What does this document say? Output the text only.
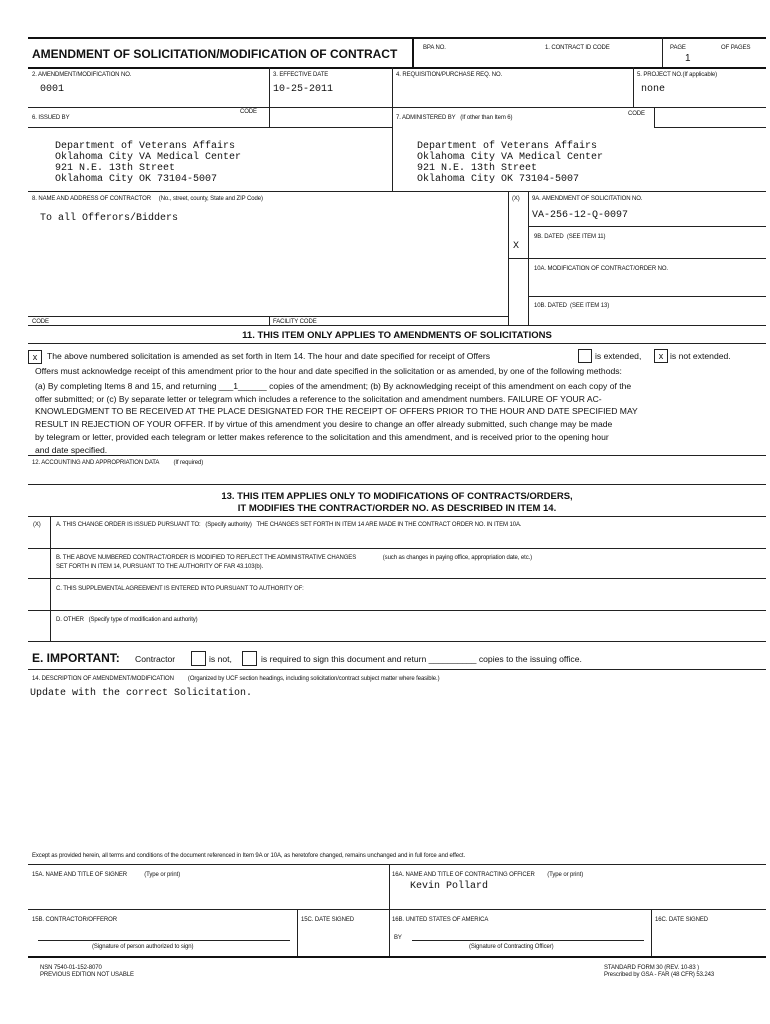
AMENDMENT OF SOLICITATION/MODIFICATION OF CONTRACT	BPA NO.	1. CONTRACT ID CODE	PAGE	OF PAGES
1
2. AMENDMENT/MODIFICATION NO.
0001
3. EFFECTIVE DATE
10-25-2011
4. REQUISITION/PURCHASE REQ. NO.	5. PROJECT NO.(If applicable)
none
6. ISSUED BY
CODE
7. ADMINISTERED BY (If other than Item 6)
CODE
Department of Veterans Affairs
Oklahoma City VA Medical Center
921 N.E. 13th Street
Oklahoma City OK 73104-5007
Department of Veterans Affairs
Oklahoma City VA Medical Center
921 N.E. 13th Street
Oklahoma City OK 73104-5007
8. NAME AND ADDRESS OF CONTRACTOR (No., street, county, State and ZIP Code)
To all Offerors/Bidders
(X) 9A. AMENDMENT OF SOLICITATION NO.
VA-256-12-Q-0097
X
9B. DATED (SEE ITEM 11)
10A. MODIFICATION OF CONTRACT/ORDER NO.
10B. DATED (SEE ITEM 13)
CODE	FACILITY CODE
11. THIS ITEM ONLY APPLIES TO AMENDMENTS OF SOLICITATIONS
x	The above numbered solicitation is amended as set forth in Item 14. The hour and date specified for receipt of Offers	is extended,	x is not extended.
Offers must acknowledge receipt of this amendment prior to the hour and date specified in the solicitation or as amended, by one of the following methods:
(a) By completing Items 8 and 15, and returning ___1______ copies of the amendment; (b) By acknowledging receipt of this amendment on each copy of the
offer submitted; or (c) By separate letter or telegram which includes a reference to the solicitation and amendment numbers. FAILURE OF YOUR AC-
KNOWLEDGMENT TO BE RECEIVED AT THE PLACE DESIGNATED FOR THE RECEIPT OF OFFERS PRIOR TO THE HOUR AND DATE SPECIFIED MAY
RESULT IN REJECTION OF YOUR OFFER. If by virtue of this amendment you desire to change an offer already submitted, such change may be made
by telegram or letter, provided each telegram or letter makes reference to the solicitation and this amendment, and is received prior to the opening hour
and date specified.
12. ACCOUNTING AND APPROPRIATION DATA (If required)
13. THIS ITEM APPLIES ONLY TO MODIFICATIONS OF CONTRACTS/ORDERS,
IT MODIFIES THE CONTRACT/ORDER NO. AS DESCRIBED IN ITEM 14.
(X)	A. THIS CHANGE ORDER IS ISSUED PURSUANT TO: (Specify authority) THE CHANGES SET FORTH IN ITEM 14 ARE MADE IN THE CONTRACT ORDER NO. IN ITEM 10A.
B. THE ABOVE NUMBERED CONTRACT/ORDER IS MODIFIED TO REFLECT THE ADMINISTRATIVE CHANGES	(such as changes in paying office, appropriation date, etc.)
SET FORTH IN ITEM 14, PURSUANT TO THE AUTHORITY OF FAR 43.103(b).
C. THIS SUPPLEMENTAL AGREEMENT IS ENTERED INTO PURSUANT TO AUTHORITY OF:
D. OTHER (Specify type of modification and authority)
E. IMPORTANT: Contractor	is not,	is required to sign this document and return __________ copies to the issuing office.
14. DESCRIPTION OF AMENDMENT/MODIFICATION (Organized by UCF section headings, including solicitation/contract subject matter where feasible.)
Update with the correct Solicitation.
Except as provided herein, all terms and conditions of the document referenced in Item 9A or 10A, as heretofore changed, remains unchanged and in full force and effect.
15A. NAME AND TITLE OF SIGNER	(Type or print)	16A. NAME AND TITLE OF CONTRACTING OFFICER (Type or print)
Kevin Pollard
15B. CONTRACTOR/OFFEROR
(Signature of person authorized to sign)
15C. DATE SIGNED	16B. UNITED STATES OF AMERICA
BY
(Signature of Contracting Officer)
16C. DATE SIGNED
NSN 7540-01-152-8070
PREVIOUS EDITION NOT USABLE
STANDARD FORM 30 (REV. 10-83 )
Prescribed by GSA - FAR (48 CFR) 53.243
